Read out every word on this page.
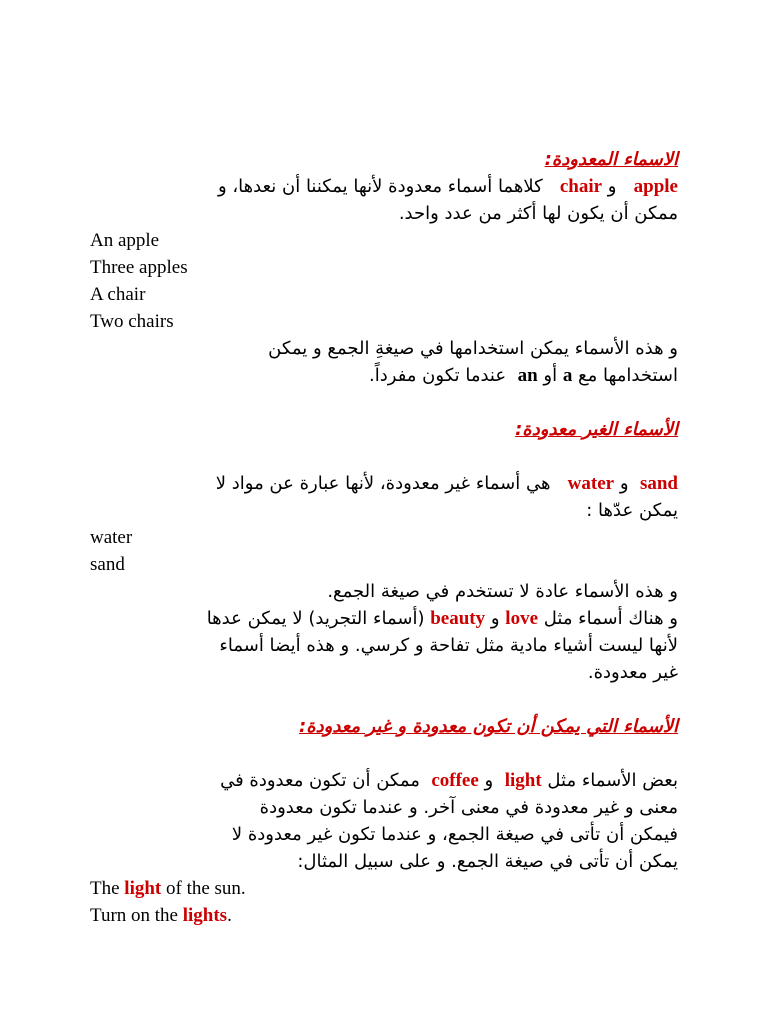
الاسماء المعدودة:

apple   و chair   كلاهما أسماء معدودة لأنها يمكننا أن نعدها، و

ممكن أن يكون لها أكثر من عدد واحد.

An apple

Three apples

A chair

Two chairs

و هذه الأسماء يمكن استخدامها في صيغةِ الجمع و يمكن

استخدامها مع a أو an  عندما تكون مفرداً.

الأسماء الغير معدودة:

sand  و water   هي أسماء غير معدودة، لأنها عبارة عن مواد لا

يمكن عدّها :

water

sand

و هذه الأسماء عادة لا تستخدم في صيغة الجمع.

و هناك أسماء مثل love و beauty (أسماء التجريد) لا يمكن عدها

لأنها ليست أشياء مادية مثل تفاحة و كرسي. و هذه أيضا أسماء

غير معدودة.

الأسماء التي يمكن أن تكون معدودة و غير معدودة:

بعض الأسماء مثل light  و coffee  ممكن أن تكون معدودة في

معنى و غير معدودة في معنى آخر. و عندما تكون معدودة

فيمكن أن تأتى في صيغة الجمع، و عندما تكون غير معدودة لا

يمكن أن تأتى في صيغة الجمع. و على سبيل المثال:

The light of the sun.

Turn on the lights.
